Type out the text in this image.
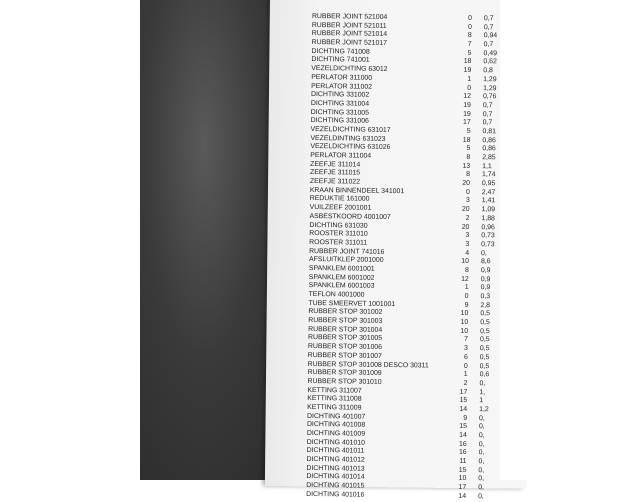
RUBBER JOINT 521004	0 0,7
RUBBER JOINT 521011	0 0,7
RUBBER JOINT 521014	8 0,94
RUBBER JOINT 521017	7 0,7
DICHTING 741008	5 0,49
DICHTING 741001	18 0,62
VEZELDICHTING 63012	19 0,8
PERLATOR 311000	1 1,29
PERLATOR 311002	0 1,29
DICHTING 331002	12 0,76
DICHTING 331004	19 0,7
DICHTING 331005	19 0,7
DICHTING 331006	17 0,7
VEZELDICHTING 631017	5 0,81
VEZELDINTING 631023	18 0,86
VEZELDICHTING 631026	5 0,86
PERLATOR 311004	8 2,85
ZEEFJE 311014	13 1,1
ZEEFJE 311015	8 1,74
ZEEFJE 311022	20 0,95
KRAAN BINNENDEEL 341001	0 2,47
REDUKTIE 161000	3 1,41
VUILZEEF 2001001	20 1,09
ASBESTKOORD 4001007	2 1,88
DICHTING 631030	20 0,96
ROOSTER 311010	3 0,73
ROOSTER 311011	3 0,73
RUBBER JOINT 741016	4 0,
AFSLUITKLEP 2001000	10 8,6
SPANKLEM 6001001	8 0,9
SPANKLEM 6001002	12 0,9
SPANKLEM 6001003	1 0,9
TEFLON 4001000	0 0,3
TUBE SMEERVET 1001001	9 2,8
RUBBER STOP 301002	10 0,5
RUBBER STOP 301003	10 0,5
RUBBER STOP 301004	10 0,5
RUBBER STOP 301005	7 0,5
RUBBER STOP 301006	3 0,5
RUBBER STOP 301007	6 0,5
RUBBER STOP 301008 DESCO 30311	0 0,5
RUBBER STOP 301009	1 0,6
RUBBER STOP 301010	2 0,
KETTING 311007	17 1,
KETTING 311008	15 1
KETTING 311009	14 1,2
DICHTING 401007	9 0,
DICHTING 401008	15 0,
DICHTING 401009	14 0,
DICHTING 401010	16 0,
DICHTING 401011	16 0,
DICHTING 401012	11 0,
DICHTING 401013	15 0,
DICHTING 401014	10 0,
DICHTING 401015	17 0,
DICHTING 401016	14 0,
